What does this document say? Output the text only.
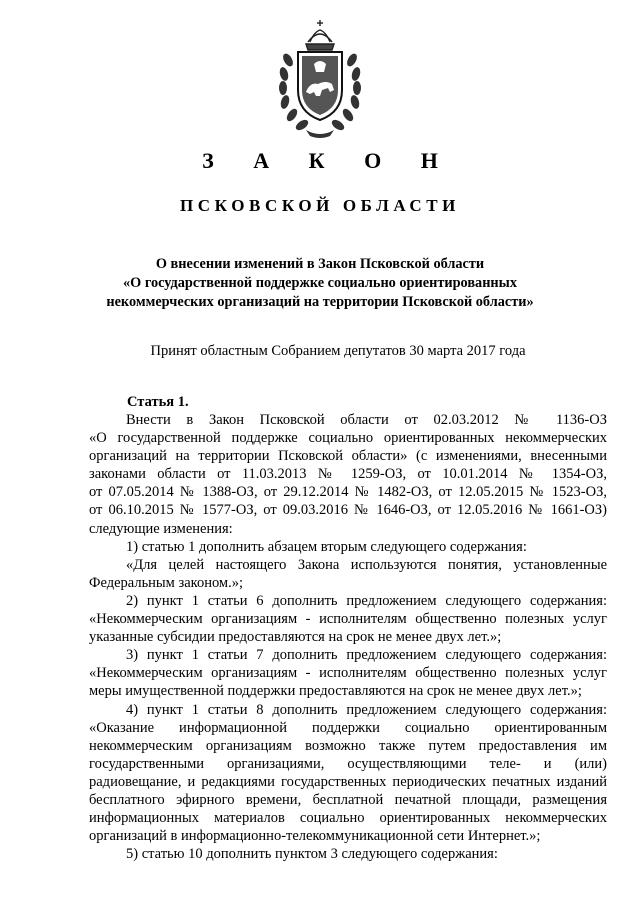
З А К О Н
ПСКОВСКОЙ ОБЛАСТИ
О внесении изменений в Закон Псковской области
«О государственной поддержке социально ориентированных
некоммерческих организаций на территории Псковской области»
Принят областным Собранием депутатов 30 марта 2017 года
Статья 1.
Внести в Закон Псковской области от 02.03.2012 № 1136-ОЗ
«О государственной поддержке социально ориентированных некоммерческих
организаций на территории Псковской области» (с изменениями, внесенными
законами области от 11.03.2013 № 1259-ОЗ, от 10.01.2014 № 1354-ОЗ,
от 07.05.2014 № 1388-ОЗ, от 29.12.2014 № 1482-ОЗ, от 12.05.2015 № 1523-ОЗ,
от 06.10.2015 № 1577-ОЗ, от 09.03.2016 № 1646-ОЗ, от 12.05.2016 № 1661-ОЗ)
следующие изменения:
1) статью 1 дополнить абзацем вторым следующего содержания:
«Для целей настоящего Закона используются понятия, установленные
Федеральным законом.»;
2) пункт 1 статьи 6 дополнить предложением следующего содержания:
«Некоммерческим организациям - исполнителям общественно полезных услуг
указанные субсидии предоставляются на срок не менее двух лет.»;
3) пункт 1 статьи 7 дополнить предложением следующего содержания:
«Некоммерческим организациям - исполнителям общественно полезных услуг
меры имущественной поддержки предоставляются на срок не менее двух лет.»;
4) пункт 1 статьи 8 дополнить предложением следующего содержания:
«Оказание информационной поддержки социально ориентированным
некоммерческим организациям возможно также путем предоставления им
государственными организациями, осуществляющими теле- и (или)
радиовещание, и редакциями государственных периодических печатных изданий
бесплатного эфирного времени, бесплатной печатной площади, размещения
информационных материалов социально ориентированных некоммерческих
организаций в информационно-телекоммуникационной сети Интернет.»;
5) статью 10 дополнить пунктом 3 следующего содержания:
